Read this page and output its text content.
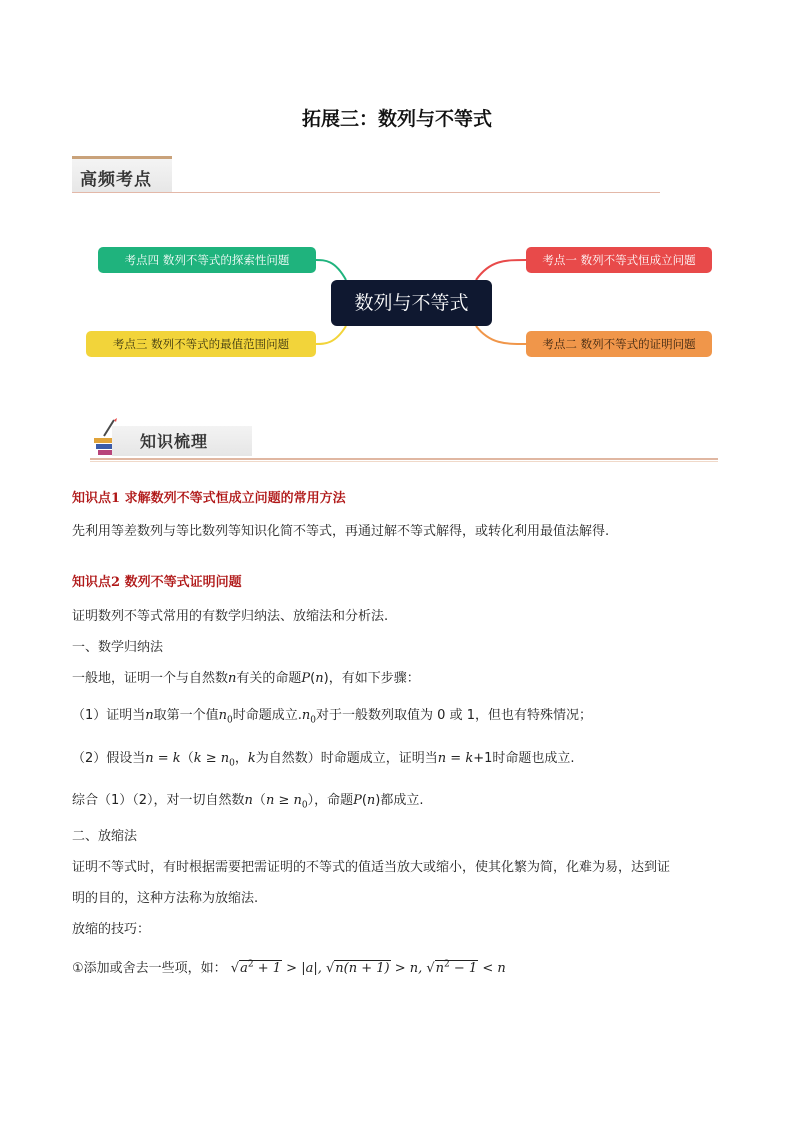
拓展三：数列与不等式
高频考点
数列与不等式
考点一 数列不等式恒成立问题
考点二 数列不等式的证明问题
考点三 数列不等式的最值范围问题
考点四 数列不等式的探索性问题
知识梳理
知识点1 求解数列不等式恒成立问题的常用方法
先利用等差数列与等比数列等知识化简不等式，再通过解不等式解得，或转化利用最值法解得.
知识点2 数列不等式证明问题
证明数列不等式常用的有数学归纳法、放缩法和分析法.
一、数学归纳法
一般地，证明一个与自然数n有关的命题P(n)，有如下步骤：
（1）证明当n取第一个值$n_0$时命题成立$.n_0$对于一般数列取值为 0 或 1，但也有特殊情况；
（2）假设当$n = k(k \ge n_0$，k为自然数）时命题成立，证明当n = k+1时命题也成立.
综合（1）（2），对一切自然数$n(n \ge n_0)$，命题P(n)都成立.
二、放缩法
证明不等式时，有时根据需要把需证明的不等式的值适当放大或缩小，使其化繁为简，化难为易，达到证
明的目的，这种方法称为放缩法.
放缩的技巧：
①添加或舍去一些项，如： $√a^2 + 1 > |a|$, √n(n + 1) > n, $√n^2 - 1 < n$
